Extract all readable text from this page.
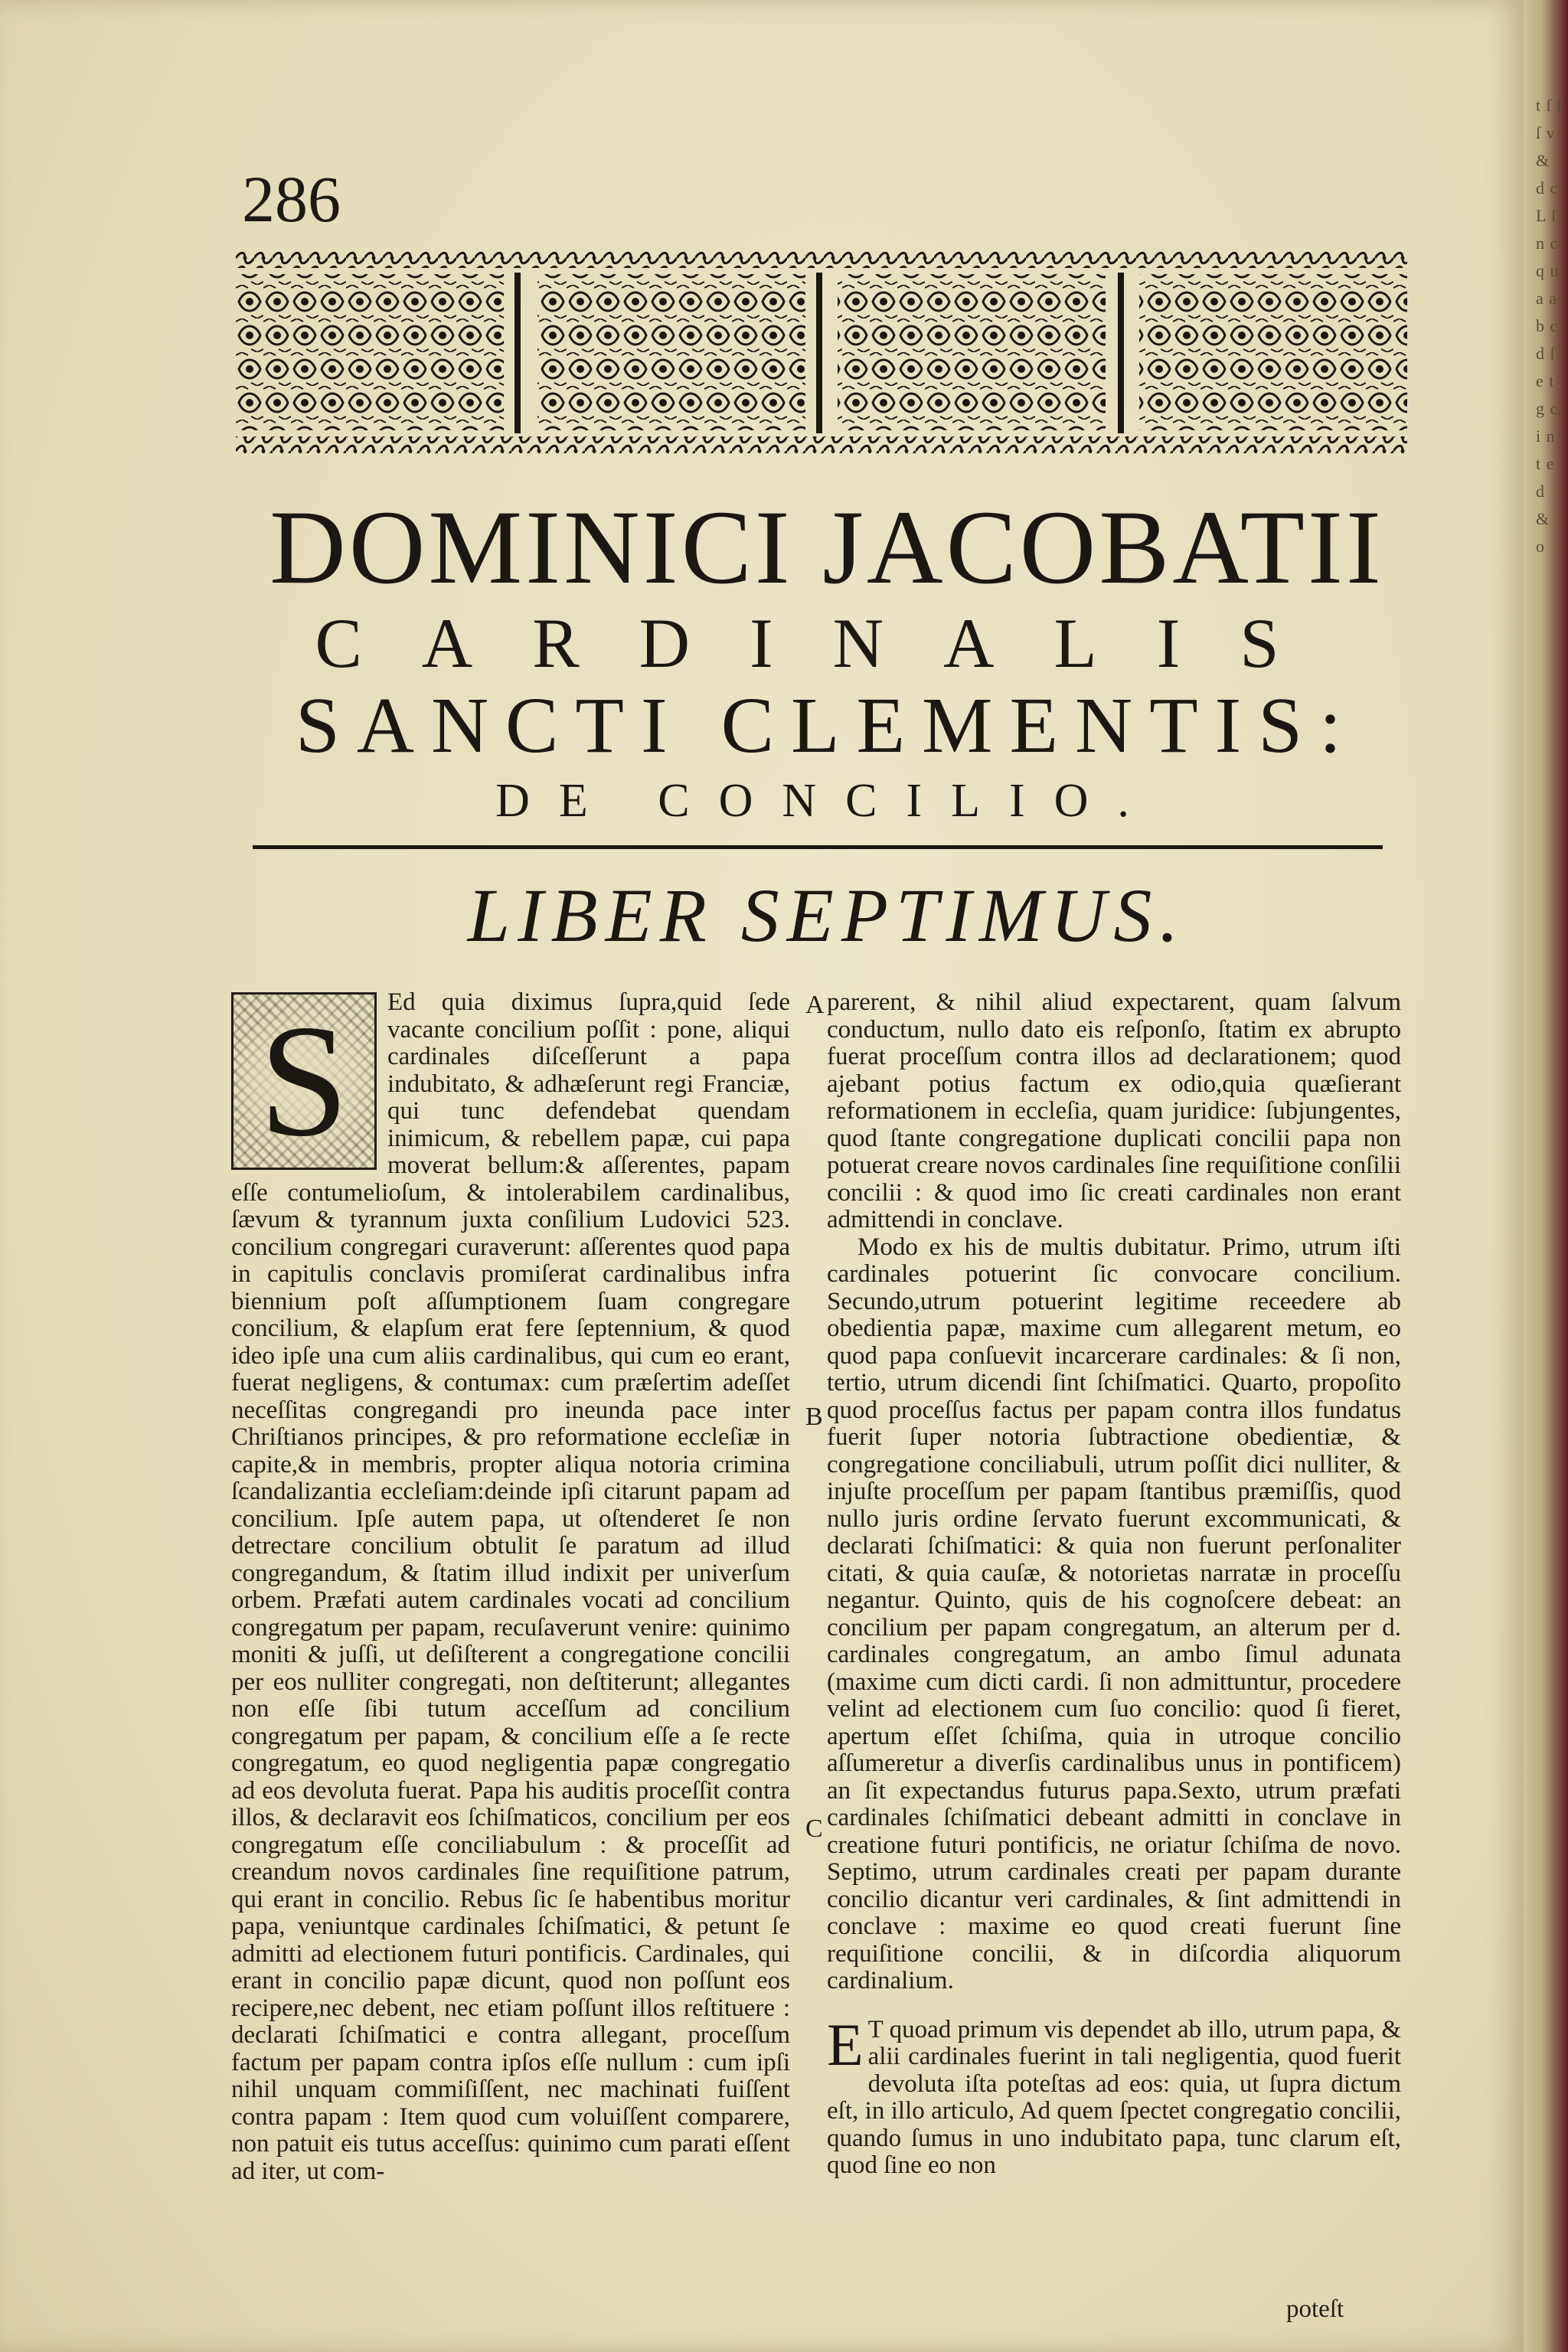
t ſ ſ ſ v & d c L ſ n c q u a a b c d ſ e t g c i n t e d & o
286
DOMINICI JACOBATII
CARDINALIS
SANCTI CLEMENTIS:
DE CONCILIO.
LIBER SEPTIMUS.
S	Ed quia diximus ſupra,quid ſede vacante concilium poſſit : pone, aliqui cardinales diſceſſerunt a papa indubitato, & adhæſerunt regi Franciæ, qui tunc defendebat quendam inimicum, & rebellem papæ, cui papa moverat bellum:& aſſerentes, papam eſſe contumelioſum, & intolerabilem cardinalibus, ſævum & tyrannum juxta conſilium Ludovici 523. concilium congregari curaverunt: aſſerentes quod papa in capitulis conclavis promiſerat cardinalibus infra biennium poſt aſſumptionem ſuam congregare concilium, & elapſum erat fere ſeptennium, & quod ideo ipſe una cum aliis cardinalibus, qui cum eo erant, fuerat negligens, & contumax: cum præſertim adeſſet neceſſitas congregandi pro ineunda pace inter Chriſtianos principes, & pro reformatione eccleſiæ in capite,& in membris, propter aliqua notoria crimina ſcandalizantia eccleſiam:deinde ipſi citarunt papam ad concilium. Ipſe autem papa, ut oſtenderet ſe non detrectare concilium obtulit ſe paratum ad illud congregandum, & ſtatim illud indixit per univerſum orbem. Præfati autem cardinales vocati ad concilium congregatum per papam, recuſaverunt venire: quinimo moniti & juſſi, ut deſiſterent a congregatione concilii per eos nulliter congregati, non deſtiterunt; allegantes non eſſe ſibi tutum acceſſum ad concilium congregatum per papam, & concilium eſſe a ſe recte congregatum, eo quod negligentia papæ congregatio ad eos devoluta fuerat. Papa his auditis proceſſit contra illos, & declaravit eos ſchiſmaticos, concilium per eos congregatum eſſe conciliabulum : & proceſſit ad creandum novos cardinales ſine requiſitione patrum, qui erant in concilio. Rebus ſic ſe habentibus moritur papa, veniuntque cardinales ſchiſmatici, & petunt ſe admitti ad electionem futuri pontificis. Cardinales, qui erant in concilio papæ dicunt, quod non poſſunt eos recipere,nec debent, nec etiam poſſunt illos reſtituere : declarati ſchiſmatici e contra allegant, proceſſum factum per papam contra ipſos eſſe nullum : cum ipſi nihil unquam commiſiſſent, nec machinati fuiſſent contra papam : Item quod cum voluiſſent comparere, non patuit eis tutus acceſſus: quinimo cum parati eſſent ad iter, ut com-

A
B
C

parerent, & nihil aliud expectarent, quam ſalvum conductum, nullo dato eis reſponſo, ſtatim ex abrupto fuerat proceſſum contra illos ad declarationem; quod ajebant potius factum ex odio,quia quæſierant reformationem in eccleſia, quam juridice: ſubjungentes, quod ſtante congregatione duplicati concilii papa non potuerat creare novos cardinales ſine requiſitione conſilii concilii : & quod imo ſic creati cardinales non erant admittendi in conclave.

Modo ex his de multis dubitatur. Primo, utrum iſti cardinales potuerint ſic convocare concilium. Secundo,utrum potuerint legitime receedere ab obedientia papæ, maxime cum allegarent metum, eo quod papa conſuevit incarcerare cardinales: & ſi non, tertio, utrum dicendi ſint ſchiſmatici. Quarto, propoſito quod proceſſus factus per papam contra illos fundatus fuerit ſuper notoria ſubtractione obedientiæ, & congregatione conciliabuli, utrum poſſit dici nulliter, & injuſte proceſſum per papam ſtantibus præmiſſis, quod nullo juris ordine ſervato fuerunt excommunicati, & declarati ſchiſmatici: & quia non fuerunt perſonaliter citati, & quia cauſæ, & notorietas narratæ in proceſſu negantur. Quinto, quis de his cognoſcere debeat: an concilium per papam congregatum, an alterum per d. cardinales congregatum, an ambo ſimul adunata (maxime cum dicti cardi. ſi non admittuntur, procedere velint ad electionem cum ſuo concilio: quod ſi fieret, apertum eſſet ſchiſma, quia in utroque concilio aſſumeretur a diverſis cardinalibus unus in pontificem) an ſit expectandus futurus papa.Sexto, utrum præfati cardinales ſchiſmatici debeant admitti in conclave in creatione futuri pontificis, ne oriatur ſchiſma de novo. Septimo, utrum cardinales creati per papam durante concilio dicantur veri cardinales, & ſint admittendi in conclave : maxime eo quod creati fuerunt ſine requiſitione concilii, & in diſcordia aliquorum cardinalium.

E T quoad primum vis dependet ab illo, utrum papa, & alii cardinales fuerint in tali negligentia, quod fuerit devoluta iſta poteſtas ad eos: quia, ut ſupra dictum eſt, in illo articulo, Ad quem ſpectet congregatio concilii, quando ſumus in uno indubitato papa, tunc clarum eſt, quod ſine eo non

poteſt
